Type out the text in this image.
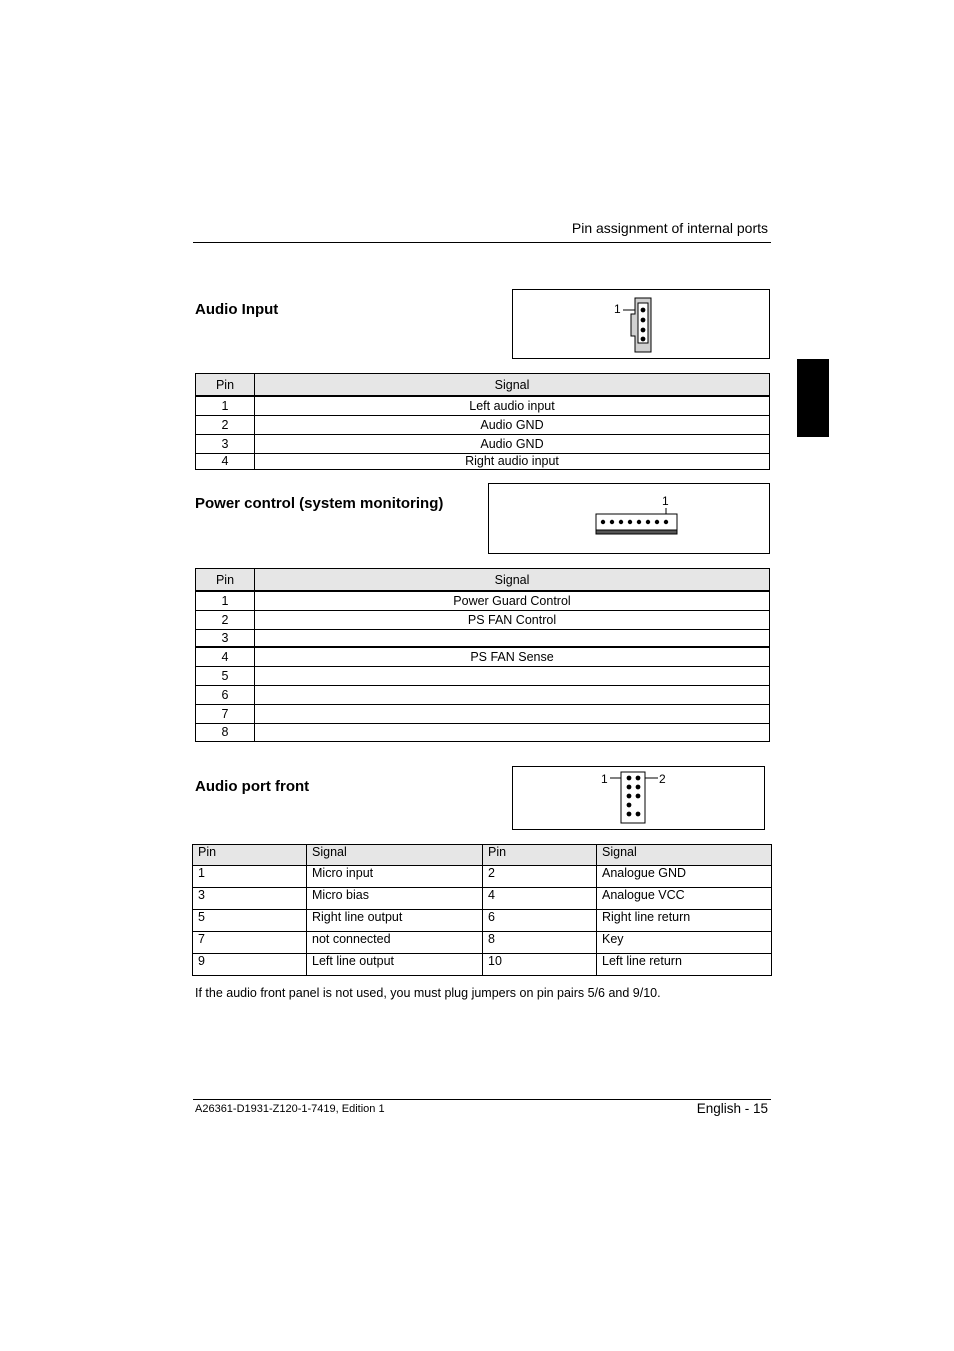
Pin assignment of internal ports
Audio Input	1
Pin	Signal
1	Left audio input
2	Audio GND
3	Audio GND
4	Right audio input
Power control (system monitoring)	1
Pin	Signal
1	Power Guard Control
2	PS FAN Control
3	
4	PS FAN Sense
5	
6	
7	
8	
Audio port front	1	2
Pin	Signal	Pin	Signal
1	Micro input	2	Analogue GND
3	Micro bias	4	Analogue VCC
5	Right line output	6	Right line return
7	not connected	8	Key
9	Left line output	10	Left line return

If the audio front panel is not used, you must plug jumpers on pin pairs 5/6 and 9/10.

A26361-D1931-Z120-1-7419, Edition 1	English - 15
